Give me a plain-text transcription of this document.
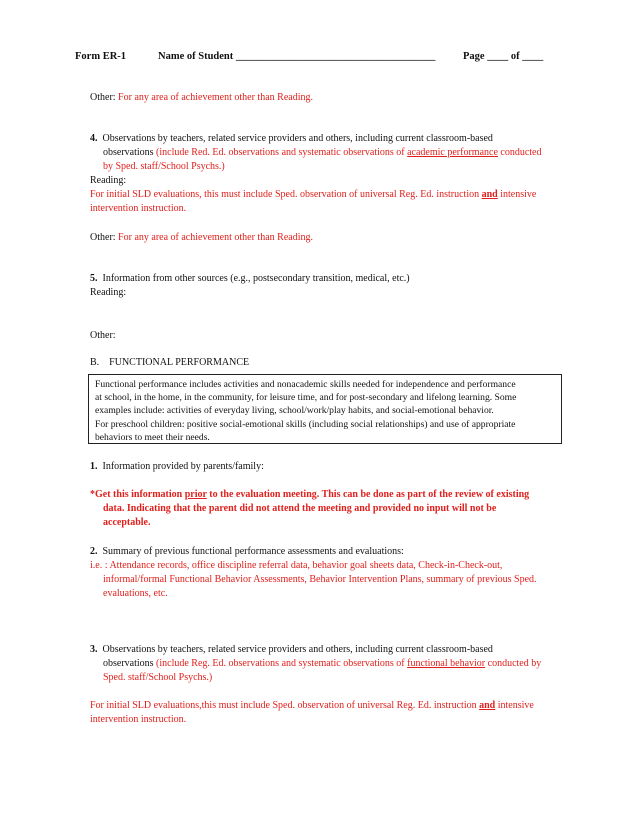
Form ER-1	Name of Student ______________________________________	Page ____ of ____
Other: For any area of achievement other than Reading.
4. Observations by teachers, related service providers and others, including current classroom-based
observations (include Red. Ed. observations and systematic observations of academic performance conducted
by Sped. staff/School Psychs.)
Reading:
For initial SLD evaluations, this must include Sped. observation of universal Reg. Ed. instruction and intensive
intervention instruction.
Other: For any area of achievement other than Reading.
5. Information from other sources (e.g., postsecondary transition, medical, etc.)
Reading:
Other:
B. FUNCTIONAL PERFORMANCE
Functional performance includes activities and nonacademic skills needed for independence and performance
at school, in the home, in the community, for leisure time, and for post-secondary and lifelong learning. Some
examples include: activities of everyday living, school/work/play habits, and social-emotional behavior.
For preschool children: positive social-emotional skills (including social relationships) and use of appropriate
behaviors to meet their needs.
1. Information provided by parents/family:
*Get this information prior to the evaluation meeting. This can be done as part of the review of existing
data. Indicating that the parent did not attend the meeting and provided no input will not be
acceptable.
2. Summary of previous functional performance assessments and evaluations:
i.e. : Attendance records, office discipline referral data, behavior goal sheets data, Check-in-Check-out,
informal/formal Functional Behavior Assessments, Behavior Intervention Plans, summary of previous Sped.
evaluations, etc.
3. Observations by teachers, related service providers and others, including current classroom-based
observations (include Reg. Ed. observations and systematic observations of functional behavior conducted by
Sped. staff/School Psychs.)
For initial SLD evaluations,this must include Sped. observation of universal Reg. Ed. instruction and intensive
intervention instruction.
